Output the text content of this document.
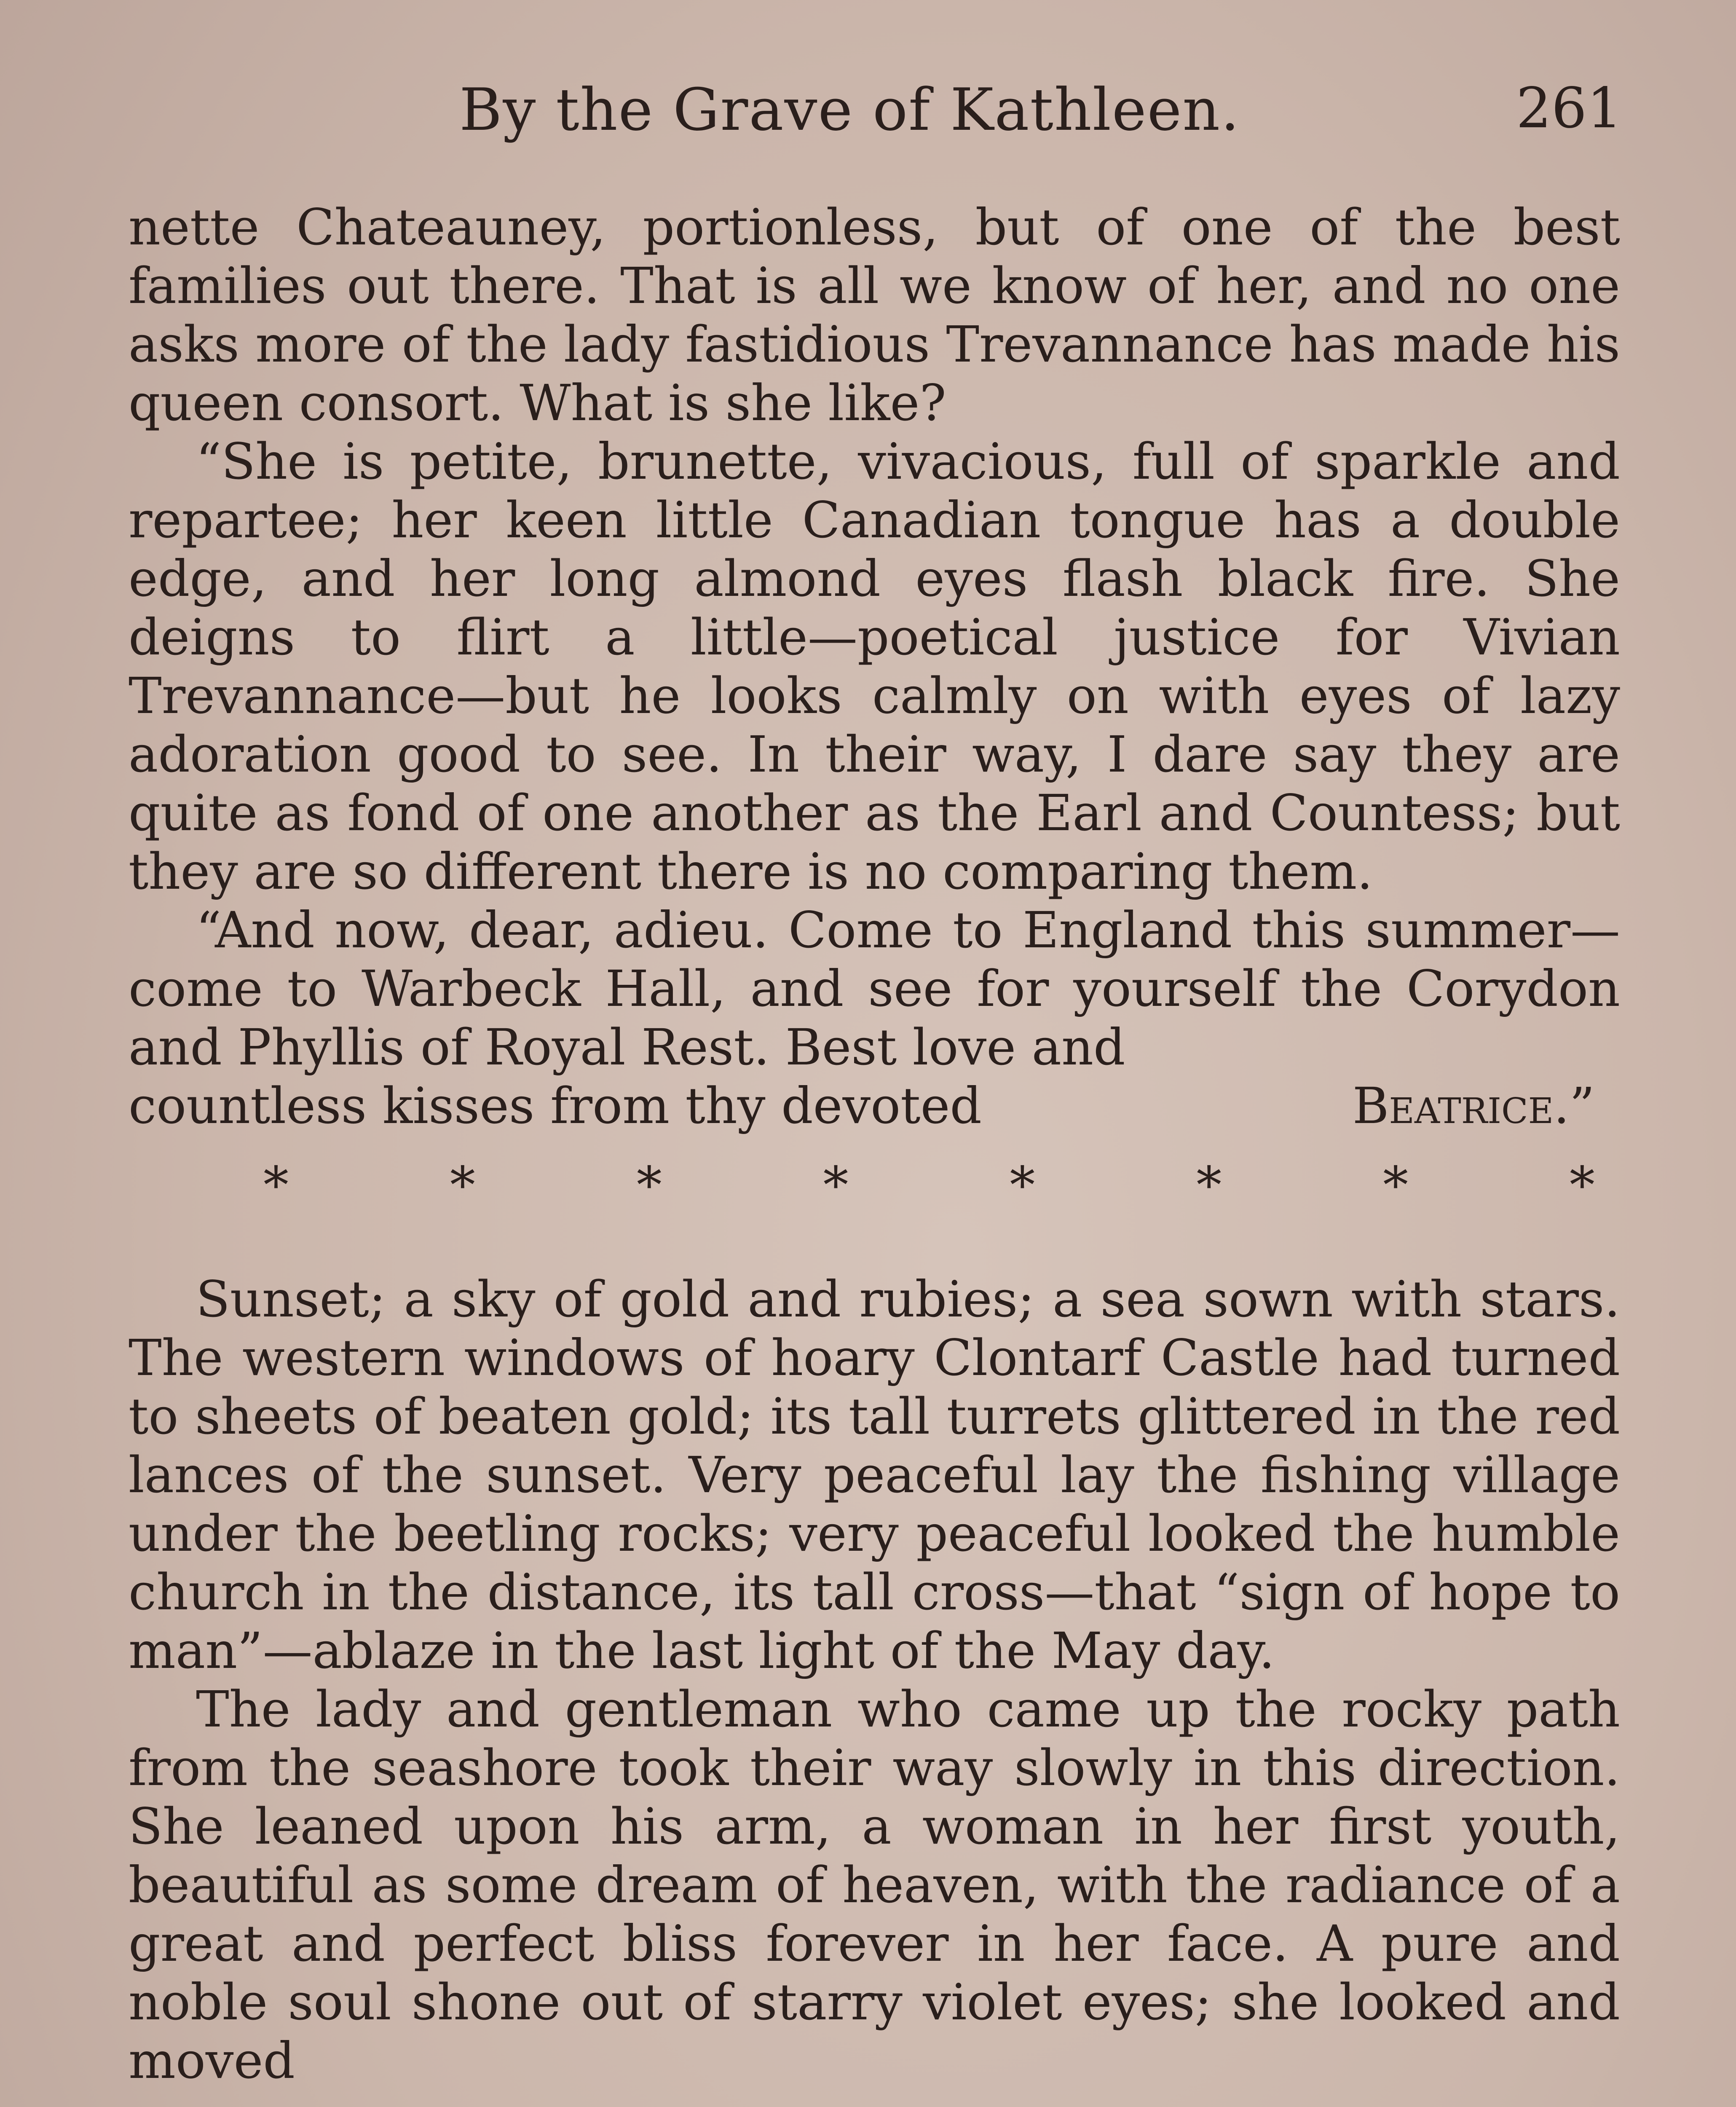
By the Grave of Kathleen.	261

nette Chateauney, portionless, but of one of the best families out there. That is all we know of her, and no one asks more of the lady fastidious Trevannance has made his queen consort. What is she like?

“She is petite, brunette, vivacious, full of sparkle and repartee; her keen little Canadian tongue has a double edge, and her long almond eyes flash black fire. She deigns to flirt a little—poetical justice for Vivian Trevannance—but he looks calmly on with eyes of lazy adoration good to see. In their way, I dare say they are quite as fond of one another as the Earl and Countess; but they are so different there is no comparing them.

“And now, dear, adieu. Come to England this summer—come to Warbeck Hall, and see for yourself the Corydon and Phyllis of Royal Rest. Best love and

countless kisses from thy devoted	Beatrice.”
*	*	*	*	*	*	*	*

Sunset; a sky of gold and rubies; a sea sown with stars. The western windows of hoary Clontarf Castle had turned to sheets of beaten gold; its tall turrets glittered in the red lances of the sunset. Very peaceful lay the fishing village under the beetling rocks; very peaceful looked the humble church in the distance, its tall cross—that “sign of hope to man”—ablaze in the last light of the May day.

The lady and gentleman who came up the rocky path from the seashore took their way slowly in this direction. She leaned upon his arm, a woman in her first youth, beautiful as some dream of heaven, with the radiance of a great and perfect bliss forever in her face. A pure and noble soul shone out of starry violet eyes; she looked and moved
